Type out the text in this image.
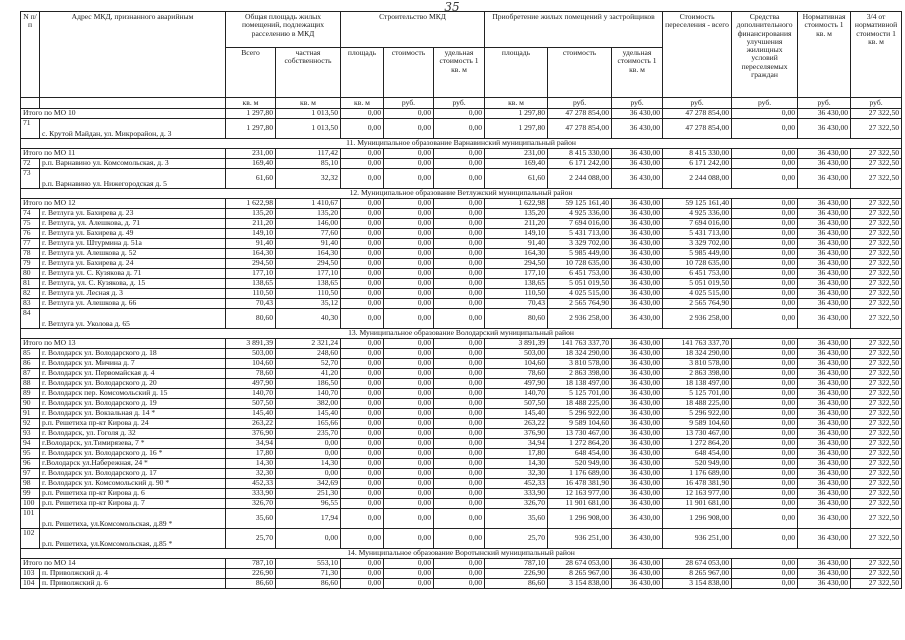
35
N п/п	Адрес МКД, признанного аварийным	Общая площадь жилых помещений, подлежащих расселению в МКД		Строительство МКД			Приобретение жилых помещений у застройщиков			Стоимость переселения - всего	Средства дополнительного финансирования улучшения жилищных условий переселяемых граждан	Нормативная стоимость 1 кв. м	3/4 от нормативной стоимости 1 кв. м
		Всего	частная собственность	площадь	стоимость	удельная стоимость 1 кв. м	площадь	стоимость	удельная стоимость 1 кв. м				
		кв. м	кв. м	кв. м	руб.	руб.	кв. м	руб.	руб.	руб.	руб.	руб.	руб.
Итого по МО 10		1 297,80	1 013,50	0,00	0,00	0,00	1 297,80	47 278 854,00	36 430,00	47 278 854,00	0,00	36 430,00	27 322,50
71	с. Крутой Майдан, ул. Микрорайон, д. 3	1 297,80	1 013,50	0,00	0,00	0,00	1 297,80	47 278 854,00	36 430,00	47 278 854,00	0,00	36 430,00	27 322,50
11. Муниципальное образование Варнавинский муниципальный район													
Итого по МО 11		231,00	117,42	0,00	0,00	0,00	231,00	8 415 330,00	36 430,00	8 415 330,00	0,00	36 430,00	27 322,50
72	р.п. Варнавино ул. Комсомольская, д. 3	169,40	85,10	0,00	0,00	0,00	169,40	6 171 242,00	36 430,00	6 171 242,00	0,00	36 430,00	27 322,50
73	р.п. Варнавино ул. Нижегородская д. 5	61,60	32,32	0,00	0,00	0,00	61,60	2 244 088,00	36 430,00	2 244 088,00	0,00	36 430,00	27 322,50
12. Муниципальное образование Ветлужский муниципальный район													
Итого по МО 12		1 622,98	1 410,67	0,00	0,00	0,00	1 622,98	59 125 161,40	36 430,00	59 125 161,40	0,00	36 430,00	27 322,50
74	г. Ветлуга ул. Бахирева д. 23	135,20	135,20	0,00	0,00	0,00	135,20	4 925 336,00	36 430,00	4 925 336,00	0,00	36 430,00	27 322,50
75	г. Ветлуга, ул. Алешкова, д. 71	211,20	146,00	0,00	0,00	0,00	211,20	7 694 016,00	36 430,00	7 694 016,00	0,00	36 430,00	27 322,50
76	г. Ветлуга ул. Бахирева д. 49	149,10	77,60	0,00	0,00	0,00	149,10	5 431 713,00	36 430,00	5 431 713,00	0,00	36 430,00	27 322,50
77	г. Ветлуга ул. Штурмина д. 51а	91,40	91,40	0,00	0,00	0,00	91,40	3 329 702,00	36 430,00	3 329 702,00	0,00	36 430,00	27 322,50
78	г. Ветлуга ул. Алешкова д. 52	164,30	164,30	0,00	0,00	0,00	164,30	5 985 449,00	36 430,00	5 985 449,00	0,00	36 430,00	27 322,50
79	г. Ветлуга ул. Бахирева д. 24	294,50	294,50	0,00	0,00	0,00	294,50	10 728 635,00	36 430,00	10 728 635,00	0,00	36 430,00	27 322,50
80	г. Ветлуга ул. С. Кузякова д. 71	177,10	177,10	0,00	0,00	0,00	177,10	6 451 753,00	36 430,00	6 451 753,00	0,00	36 430,00	27 322,50
81	г. Ветлуга, ул. С. Кузякова, д. 15	138,65	138,65	0,00	0,00	0,00	138,65	5 051 019,50	36 430,00	5 051 019,50	0,00	36 430,00	27 322,50
82	г. Ветлуга ул. Лесная д. 3	110,50	110,50	0,00	0,00	0,00	110,50	4 025 515,00	36 430,00	4 025 515,00	0,00	36 430,00	27 322,50
83	г. Ветлуга ул. Алешкова д. 66	70,43	35,12	0,00	0,00	0,00	70,43	2 565 764,90	36 430,00	2 565 764,90	0,00	36 430,00	27 322,50
84	г. Ветлуга ул. Уколова д. 65	80,60	40,30	0,00	0,00	0,00	80,60	2 936 258,00	36 430,00	2 936 258,00	0,00	36 430,00	27 322,50
13. Муниципальное образование Володарский муниципальный район													
Итого по МО 13		3 891,39	2 321,24	0,00	0,00	0,00	3 891,39	141 763 337,70	36 430,00	141 763 337,70	0,00	36 430,00	27 322,50
85	г. Володарск ул. Володарского д. 18	503,00	248,60	0,00	0,00	0,00	503,00	18 324 290,00	36 430,00	18 324 290,00	0,00	36 430,00	27 322,50
86	г. Володарск ул. Мичина д. 7	104,60	52,70	0,00	0,00	0,00	104,60	3 810 578,00	36 430,00	3 810 578,00	0,00	36 430,00	27 322,50
87	г. Володарск ул. Первомайская д. 4	78,60	41,20	0,00	0,00	0,00	78,60	2 863 398,00	36 430,00	2 863 398,00	0,00	36 430,00	27 322,50
88	г. Володарск ул. Володарского д. 20	497,90	186,50	0,00	0,00	0,00	497,90	18 138 497,00	36 430,00	18 138 497,00	0,00	36 430,00	27 322,50
89	г. Володарск пер. Комсомольский д. 15	140,70	140,70	0,00	0,00	0,00	140,70	5 125 701,00	36 430,00	5 125 701,00	0,00	36 430,00	27 322,50
90	г. Володарск ул. Володарского д. 19	507,50	382,00	0,00	0,00	0,00	507,50	18 488 225,00	36 430,00	18 488 225,00	0,00	36 430,00	27 322,50
91	г. Володарск ул. Вокзальная д. 14 *	145,40	145,40	0,00	0,00	0,00	145,40	5 296 922,00	36 430,00	5 296 922,00	0,00	36 430,00	27 322,50
92	р.п. Решетиха пр-кт Кирова д. 24	263,22	165,66	0,00	0,00	0,00	263,22	9 589 104,60	36 430,00	9 589 104,60	0,00	36 430,00	27 322,50
93	г. Володарск, ул. Гоголя д. 32	376,90	235,70	0,00	0,00	0,00	376,90	13 730 467,00	36 430,00	13 730 467,00	0,00	36 430,00	27 322,50
94	г.Володарск, ул.Тимирязева, 7 *	34,94	0,00	0,00	0,00	0,00	34,94	1 272 864,20	36 430,00	1 272 864,20	0,00	36 430,00	27 322,50
95	г. Володарск ул. Володарского д. 16 *	17,80	0,00	0,00	0,00	0,00	17,80	648 454,00	36 430,00	648 454,00	0,00	36 430,00	27 322,50
96	г.Володарск ул.Набережная, 24 *	14,30	14,30	0,00	0,00	0,00	14,30	520 949,00	36 430,00	520 949,00	0,00	36 430,00	27 322,50
97	г. Володарск ул. Володарского д. 17	32,30	0,00	0,00	0,00	0,00	32,30	1 176 689,00	36 430,00	1 176 689,00	0,00	36 430,00	27 322,50
98	г. Володарск ул. Комсомольский д. 90 *	452,33	342,69	0,00	0,00	0,00	452,33	16 478 381,90	36 430,00	16 478 381,90	0,00	36 430,00	27 322,50
99	р.п. Решетиха пр-кт Кирова д. 6	333,90	251,30	0,00	0,00	0,00	333,90	12 163 977,00	36 430,00	12 163 977,00	0,00	36 430,00	27 322,50
100	р.п. Решетиха пр-кт Кирова д. 7	326,70	96,55	0,00	0,00	0,00	326,70	11 901 681,00	36 430,00	11 901 681,00	0,00	36 430,00	27 322,50
101	р.п. Решетиха, ул.Комсомольская, д.89 *	35,60	17,94	0,00	0,00	0,00	35,60	1 296 908,00	36 430,00	1 296 908,00	0,00	36 430,00	27 322,50
102	р.п. Решетиха, ул.Комсомольская, д.85 *	25,70	0,00	0,00	0,00	0,00	25,70	936 251,00	36 430,00	936 251,00	0,00	36 430,00	27 322,50
14. Муниципальное образование Воротынский муниципальный район													
Итого по МО 14		787,10	553,10	0,00	0,00	0,00	787,10	28 674 053,00	36 430,00	28 674 053,00	0,00	36 430,00	27 322,50
103	п. Приволжский д. 4	226,90	71,30	0,00	0,00	0,00	226,90	8 265 967,00	36 430,00	8 265 967,00	0,00	36 430,00	27 322,50
104	п. Приволжский д. 6	86,60	86,60	0,00	0,00	0,00	86,60	3 154 838,00	36 430,00	3 154 838,00	0,00	36 430,00	27 322,50
